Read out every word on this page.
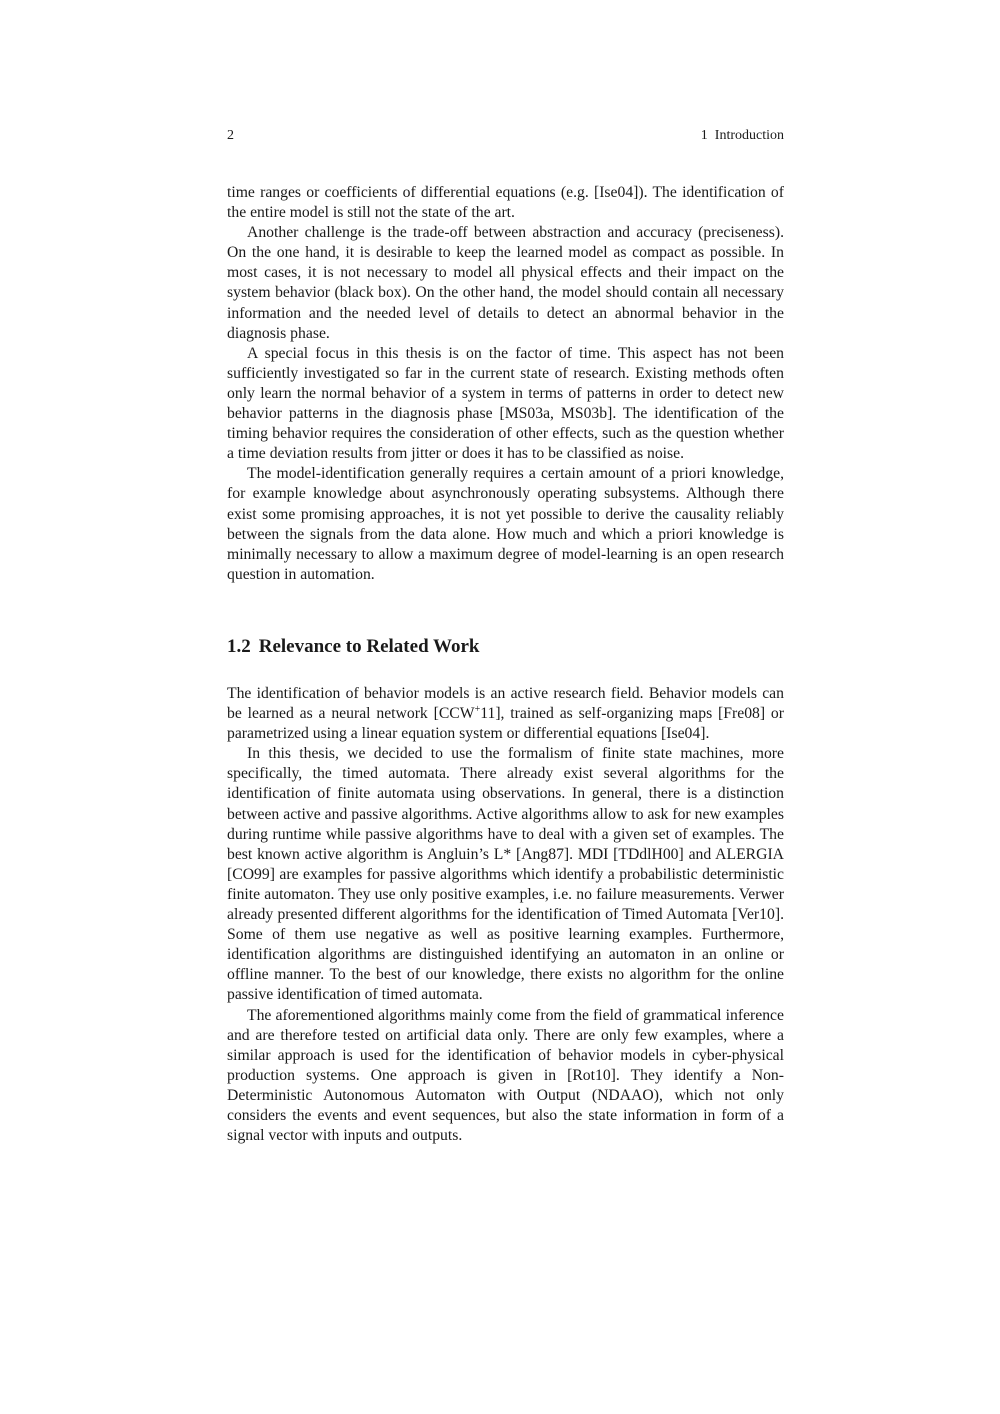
2	1 Introduction

time ranges or coefficients of differential equations (e.g. [Ise04]). The identification of the entire model is still not the state of the art.

Another challenge is the trade-off between abstraction and accuracy (preciseness). On the one hand, it is desirable to keep the learned model as compact as possible. In most cases, it is not necessary to model all physical effects and their impact on the system behavior (black box). On the other hand, the model should contain all necessary information and the needed level of details to detect an abnormal behavior in the diagnosis phase.

A special focus in this thesis is on the factor of time. This aspect has not been sufficiently investigated so far in the current state of research. Existing methods often only learn the normal behavior of a system in terms of patterns in order to detect new behavior patterns in the diagnosis phase [MS03a, MS03b]. The identification of the timing behavior requires the consideration of other effects, such as the question whether a time deviation results from jitter or does it has to be classified as noise.

The model-identification generally requires a certain amount of a priori knowledge, for example knowledge about asynchronously operating subsystems. Although there exist some promising approaches, it is not yet possible to derive the causality reliably between the signals from the data alone. How much and which a priori knowledge is minimally necessary to allow a maximum degree of model-learning is an open research question in automation.

1.2 Relevance to Related Work

The identification of behavior models is an active research field. Behavior models can be learned as a neural network [CCW+11], trained as self-organizing maps [Fre08] or parametrized using a linear equation system or differential equations [Ise04].

In this thesis, we decided to use the formalism of finite state machines, more specifically, the timed automata. There already exist several algorithms for the identification of finite automata using observations. In general, there is a distinction between active and passive algorithms. Active algorithms allow to ask for new examples during runtime while passive algorithms have to deal with a given set of examples. The best known active algorithm is Angluin’s L* [Ang87]. MDI [TDdlH00] and ALERGIA [CO99] are examples for passive algorithms which identify a probabilistic deterministic finite automaton. They use only positive examples, i.e. no failure measurements. Verwer already presented different algorithms for the identification of Timed Automata [Ver10]. Some of them use negative as well as positive learning examples. Furthermore, identification algorithms are distinguished identifying an automaton in an online or offline manner. To the best of our knowledge, there exists no algorithm for the online passive identification of timed automata.

The aforementioned algorithms mainly come from the field of grammatical inference and are therefore tested on artificial data only. There are only few examples, where a similar approach is used for the identification of behavior models in cyber-physical production systems. One approach is given in [Rot10]. They identify a Non-Deterministic Autonomous Automaton with Output (NDAAO), which not only considers the events and event sequences, but also the state information in form of a signal vector with inputs and outputs.
